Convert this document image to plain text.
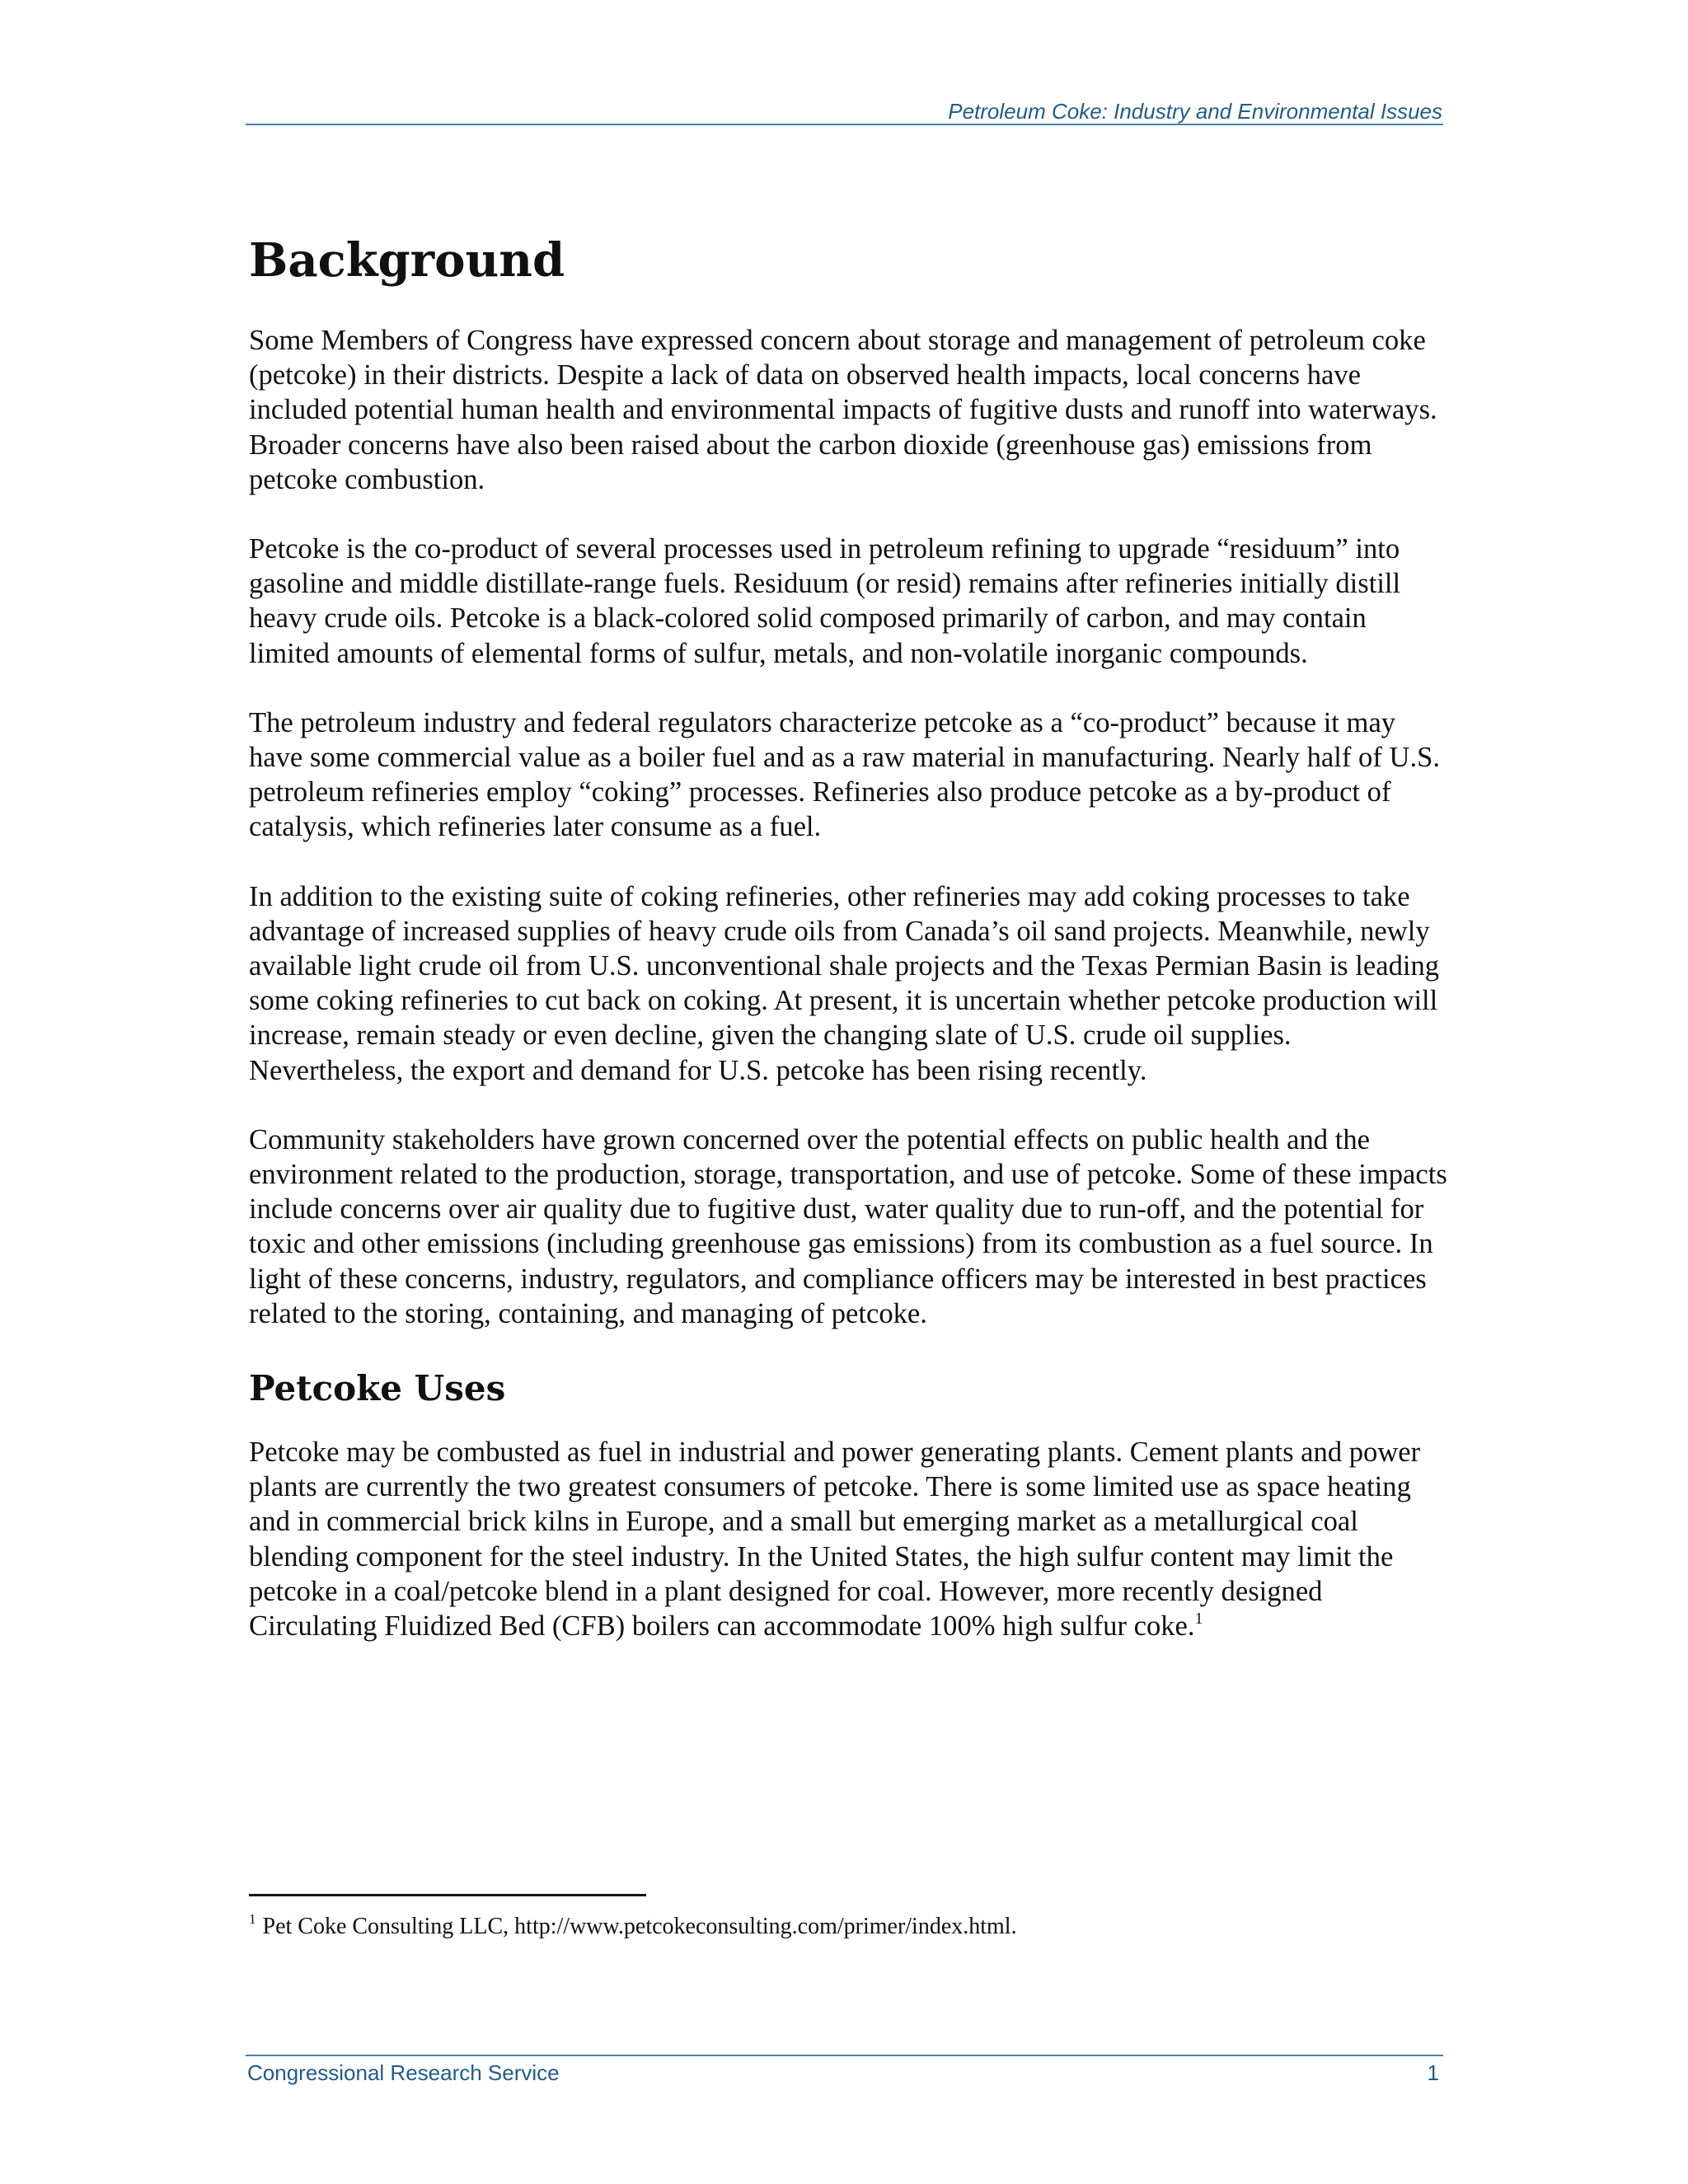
Petroleum Coke: Industry and Environmental Issues
Background

Some Members of Congress have expressed concern about storage and management of petroleum coke (petcoke) in their districts. Despite a lack of data on observed health impacts, local concerns have included potential human health and environmental impacts of fugitive dusts and runoff into waterways. Broader concerns have also been raised about the carbon dioxide (greenhouse gas) emissions from petcoke combustion.

Petcoke is the co-product of several processes used in petroleum refining to upgrade “residuum” into gasoline and middle distillate-range fuels. Residuum (or resid) remains after refineries initially distill heavy crude oils. Petcoke is a black-colored solid composed primarily of carbon, and may contain limited amounts of elemental forms of sulfur, metals, and non-volatile inorganic compounds.

The petroleum industry and federal regulators characterize petcoke as a “co-product” because it may have some commercial value as a boiler fuel and as a raw material in manufacturing. Nearly half of U.S. petroleum refineries employ “coking” processes. Refineries also produce petcoke as a by-product of catalysis, which refineries later consume as a fuel.

In addition to the existing suite of coking refineries, other refineries may add coking processes to take advantage of increased supplies of heavy crude oils from Canada’s oil sand projects. Meanwhile, newly available light crude oil from U.S. unconventional shale projects and the Texas Permian Basin is leading some coking refineries to cut back on coking. At present, it is uncertain whether petcoke production will increase, remain steady or even decline, given the changing slate of U.S. crude oil supplies. Nevertheless, the export and demand for U.S. petcoke has been rising recently.

Community stakeholders have grown concerned over the potential effects on public health and the environment related to the production, storage, transportation, and use of petcoke. Some of these impacts include concerns over air quality due to fugitive dust, water quality due to run-off, and the potential for toxic and other emissions (including greenhouse gas emissions) from its combustion as a fuel source. In light of these concerns, industry, regulators, and compliance officers may be interested in best practices related to the storing, containing, and managing of petcoke.

Petcoke Uses

Petcoke may be combusted as fuel in industrial and power generating plants. Cement plants and power plants are currently the two greatest consumers of petcoke. There is some limited use as space heating and in commercial brick kilns in Europe, and a small but emerging market as a metallurgical coal blending component for the steel industry. In the United States, the high sulfur content may limit the petcoke in a coal/petcoke blend in a plant designed for coal. However, more recently designed Circulating Fluidized Bed (CFB) boilers can accommodate 100% high sulfur coke.$^1$

$^1$ Pet Coke Consulting LLC, http://www.petcokeconsulting.com/primer/index.html.
Congressional Research Service	1
